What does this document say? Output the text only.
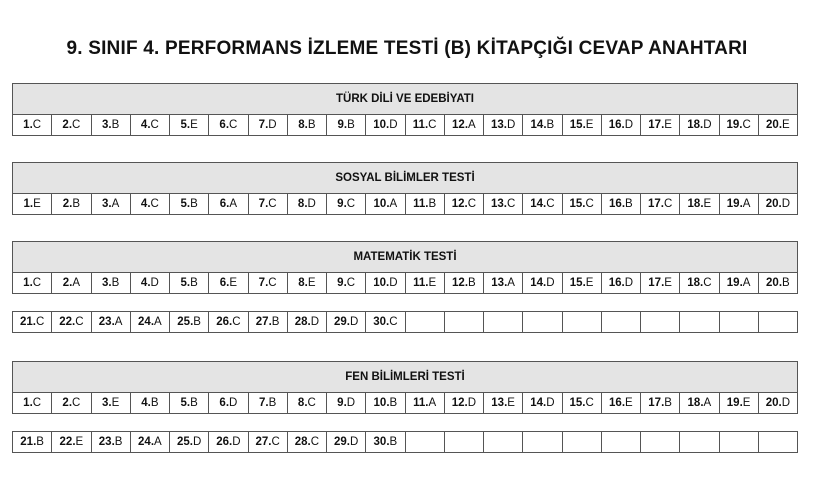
9. SINIF 4. PERFORMANS İZLEME TESTİ (B) KİTAPÇIĞI CEVAP ANAHTARI
TÜRK DİLİ VE EDEBİYATI
1. C 2. C 3. B 4. C 5. E 6. C 7. D 8. B 9. B 10. D 11. C 12. A 13. D 14. B 15. E 16. D 17. E 18. D 19. C 20. E
SOSYAL BİLİMLER TESTİ
1. E 2. B 3. A 4. C 5. B 6. A 7. C 8. D 9. C 10. A 11. B 12. C 13. C 14. C 15. C 16. B 17. C 18. E 19. A 20. D
MATEMATİK TESTİ
1. C 2. A 3. B 4. D 5. B 6. E 7. C 8. E 9. C 10. D 11. E 12. B 13. A 14. D 15. E 16. D 17. E 18. C 19. A 20. B
21. C 22. C 23. A 24. A 25. B 26. C 27. B 28. D 29. D 30. C
FEN BİLİMLERİ TESTİ
1. C 2. C 3. E 4. B 5. B 6. D 7. B 8. C 9. D 10. B 11. A 12. D 13. E 14. D 15. C 16. E 17. B 18. A 19. E 20. D
21. B 22. E 23. B 24. A 25. D 26. D 27. C 28. C 29. D 30. B
